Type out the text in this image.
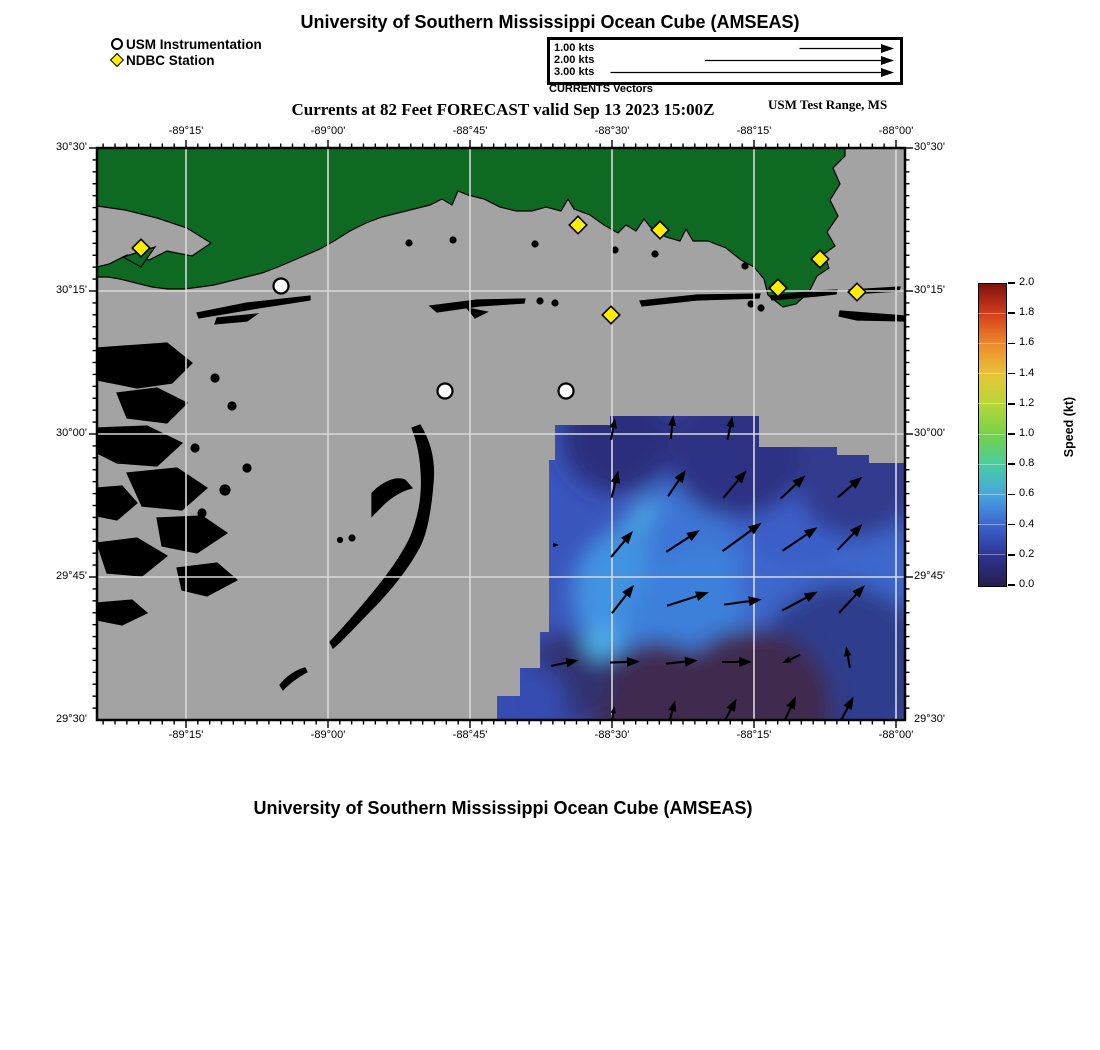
University of Southern Mississippi Ocean Cube (AMSEAS)
USM Instrumentation
NDBC Station
1.00 kts
2.00 kts
3.00 kts
CURRENTS Vectors
Currents at 82 Feet FORECAST valid Sep 13 2023 15:00Z	USM Test Range, MS
Speed (kt)
University of Southern Mississippi Ocean Cube (AMSEAS)
-89°15'
-89°15'
-89°00'
-89°00'
-88°45'
-88°45'
-88°30'
-88°30'
-88°15'
-88°15'
-88°00'
-88°00'
30°30'	30°30'
30°15'	30°15'
30°00'	30°00'
29°45'	29°45'
29°30'	29°30'
0.0
0.2
0.4
0.6
0.8
1.0
1.2
1.4
1.6
1.8
2.0
